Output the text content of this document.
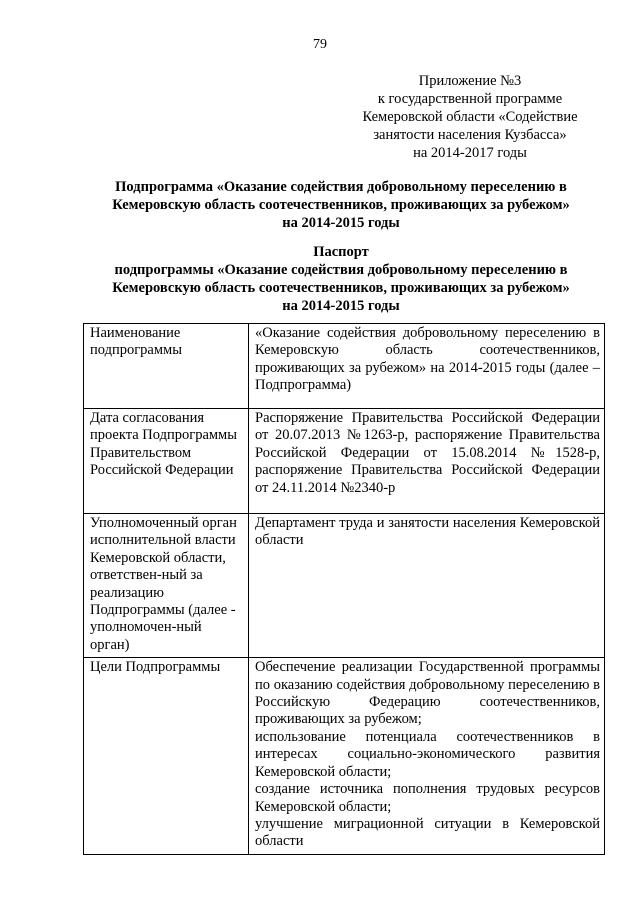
79
Приложение №3
к государственной программе
Кемеровской области «Содействие
занятости населения Кузбасса»
на 2014-2017 годы
Подпрограмма «Оказание содействия добровольному переселению в
Кемеровскую область соотечественников, проживающих за рубежом»
на 2014-2015 годы
Паспорт
подпрограммы «Оказание содействия добровольному переселению в
Кемеровскую область соотечественников, проживающих за рубежом»
на 2014-2015 годы
Наименование подпрограммы	«Оказание содействия добровольному переселению в Кемеровскую область соотечественников, проживающих за рубежом» на 2014-2015 годы (далее – Подпрограмма)
Дата согласования проекта Подпрограммы Правительством Российской Федерации	Распоряжение Правительства Российской Федерации от 20.07.2013 №1263-р, распоряжение Правительства Российской Федерации от 15.08.2014 №1528-р, распоряжение Правительства Российской Федерации от 24.11.2014 №2340-р
Уполномоченный орган исполнительной власти Кемеровской области, ответствен-ный за реализацию Подпрограммы (далее - уполномочен-ный орган)	Департамент труда и занятости населения Кемеровской области
Цели Подпрограммы	Обеспечение реализации Государственной программы по оказанию содействия добровольному переселению в Российскую Федерацию соотечественников, проживающих за рубежом;
использование потенциала соотечественников в интересах социально-экономического развития Кемеровской области;
создание источника пополнения трудовых ресурсов Кемеровской области;
улучшение миграционной ситуации в Кемеровской области
